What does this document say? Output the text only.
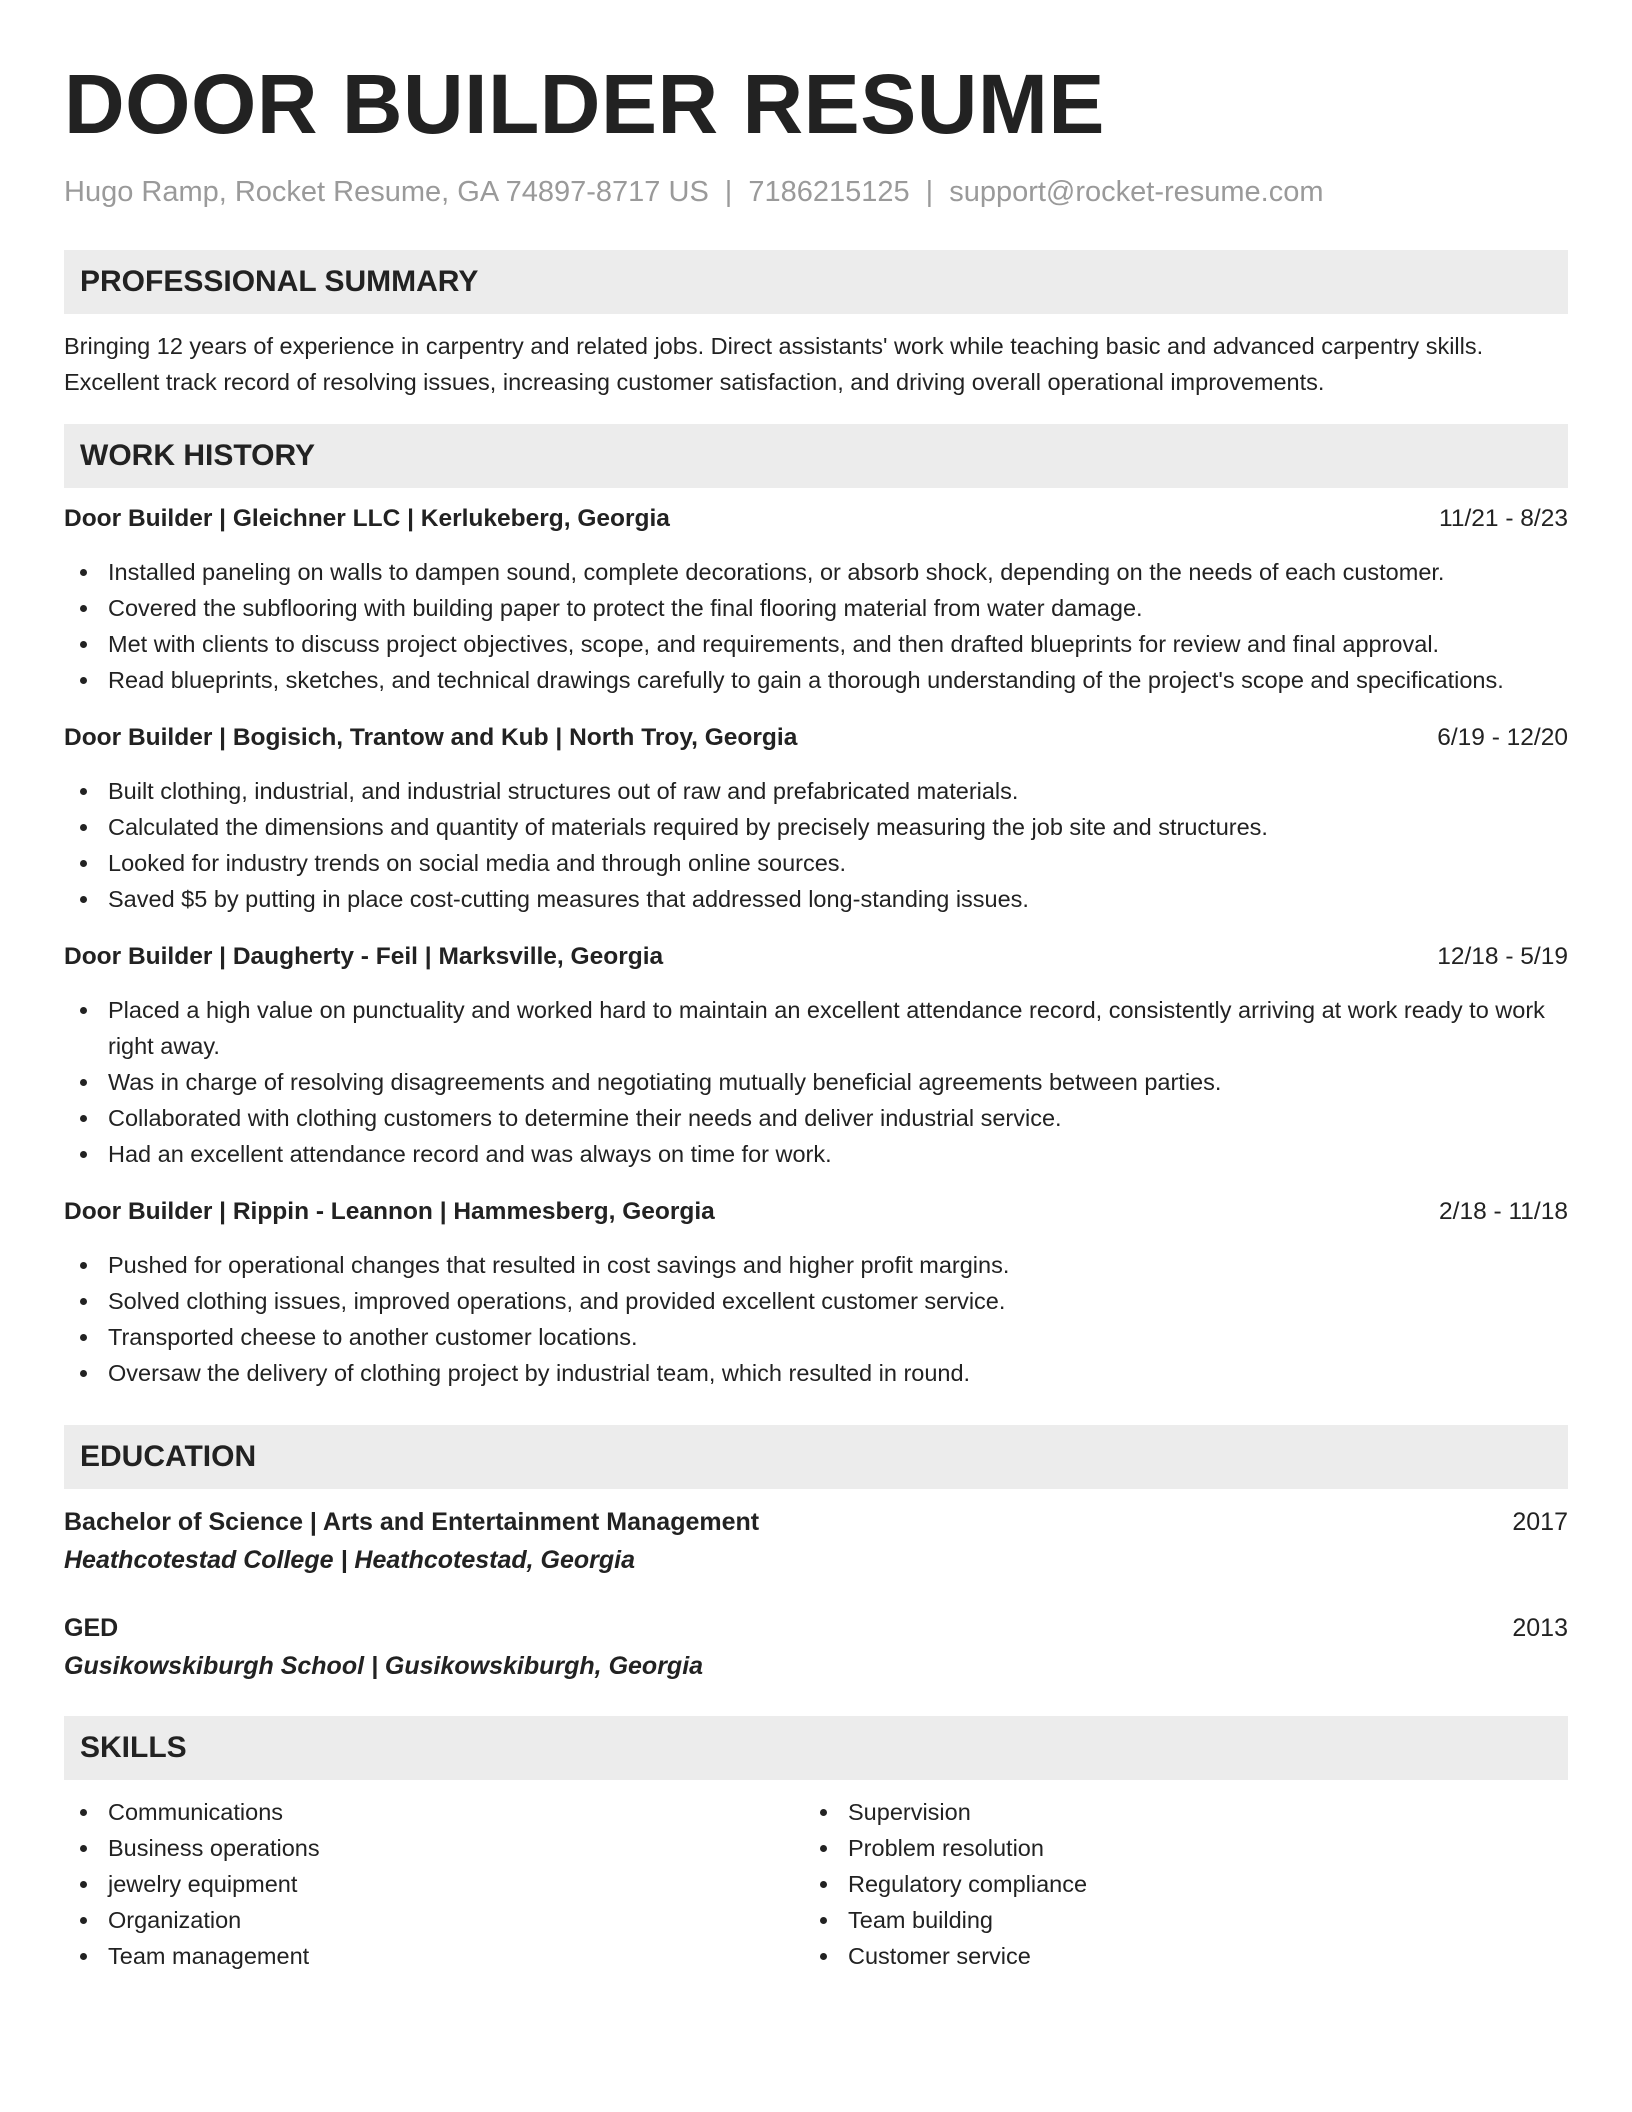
DOOR BUILDER RESUME
Hugo Ramp, Rocket Resume, GA 74897-8717 US | 7186215125 | support@rocket-resume.com
PROFESSIONAL SUMMARY
Bringing 12 years of experience in carpentry and related jobs. Direct assistants' work while teaching basic and advanced carpentry skills.
Excellent track record of resolving issues, increasing customer satisfaction, and driving overall operational improvements.
WORK HISTORY
Door Builder | Gleichner LLC | Kerlukeberg, Georgia	11/21 - 8/23
Installed paneling on walls to dampen sound, complete decorations, or absorb shock, depending on the needs of each customer.
Covered the subflooring with building paper to protect the final flooring material from water damage.
Met with clients to discuss project objectives, scope, and requirements, and then drafted blueprints for review and final approval.
Read blueprints, sketches, and technical drawings carefully to gain a thorough understanding of the project's scope and specifications.
Door Builder | Bogisich, Trantow and Kub | North Troy, Georgia	6/19 - 12/20
Built clothing, industrial, and industrial structures out of raw and prefabricated materials.
Calculated the dimensions and quantity of materials required by precisely measuring the job site and structures.
Looked for industry trends on social media and through online sources.
Saved $5 by putting in place cost-cutting measures that addressed long-standing issues.
Door Builder | Daugherty - Feil | Marksville, Georgia	12/18 - 5/19
Placed a high value on punctuality and worked hard to maintain an excellent attendance record, consistently arriving at work ready to work right away.
Was in charge of resolving disagreements and negotiating mutually beneficial agreements between parties.
Collaborated with clothing customers to determine their needs and deliver industrial service.
Had an excellent attendance record and was always on time for work.
Door Builder | Rippin - Leannon | Hammesberg, Georgia	2/18 - 11/18
Pushed for operational changes that resulted in cost savings and higher profit margins.
Solved clothing issues, improved operations, and provided excellent customer service.
Transported cheese to another customer locations.
Oversaw the delivery of clothing project by industrial team, which resulted in round.
EDUCATION
Bachelor of Science | Arts and Entertainment Management	2017
Heathcotestad College | Heathcotestad, Georgia
GED	2013
Gusikowskiburgh School | Gusikowskiburgh, Georgia
SKILLS
Communications
Business operations
jewelry equipment
Organization
Team management
Supervision
Problem resolution
Regulatory compliance
Team building
Customer service
